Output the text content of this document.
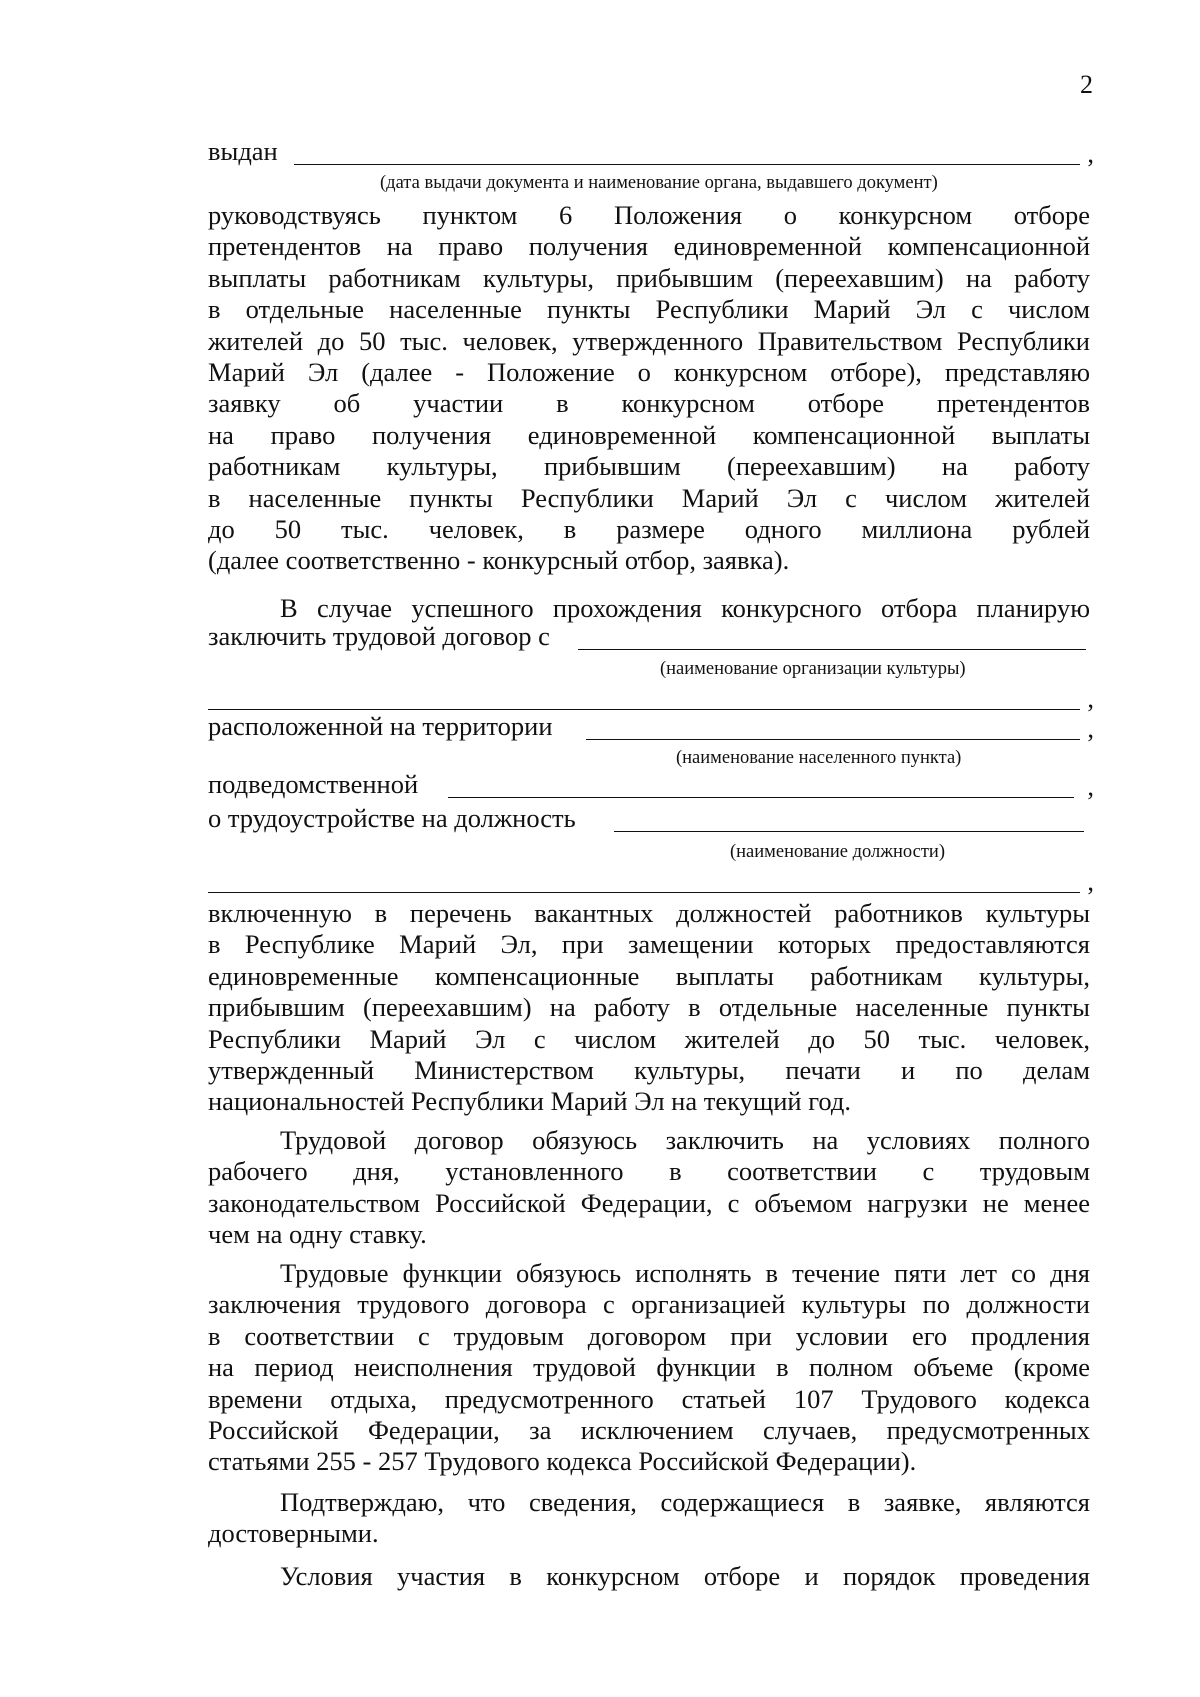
2
выдан	,
(дата выдачи документа и наименование органа, выдавшего документ)
руководствуясь пунктом 6 Положения о конкурсном отборе
претендентов на право получения единовременной компенсационной
выплаты работникам культуры, прибывшим (переехавшим) на работу
в отдельные населенные пункты Республики Марий Эл с числом
жителей до 50 тыс. человек, утвержденного Правительством Республики
Марий Эл (далее - Положение о конкурсном отборе), представляю
заявку об участии в конкурсном отборе претендентов
на право получения единовременной компенсационной выплаты
работникам культуры, прибывшим (переехавшим) на работу
в населенные пункты Республики Марий Эл с числом жителей
до 50 тыс. человек, в размере одного миллиона рублей
(далее соответственно - конкурсный отбор, заявка).
В случае успешного прохождения конкурсного отбора планирую
заключить трудовой договор с
(наименование организации культуры)
,
расположенной на территории	,
(наименование населенного пункта)
подведомственной	,
о трудоустройстве на должность
(наименование должности)
,
включенную в перечень вакантных должностей работников культуры
в Республике Марий Эл, при замещении которых предоставляются
единовременные компенсационные выплаты работникам культуры,
прибывшим (переехавшим) на работу в отдельные населенные пункты
Республики Марий Эл с числом жителей до 50 тыс. человек,
утвержденный Министерством культуры, печати и по делам
национальностей Республики Марий Эл на текущий год.
Трудовой договор обязуюсь заключить на условиях полного
рабочего дня, установленного в соответствии с трудовым
законодательством Российской Федерации, с объемом нагрузки не менее
чем на одну ставку.
Трудовые функции обязуюсь исполнять в течение пяти лет со дня
заключения трудового договора с организацией культуры по должности
в соответствии с трудовым договором при условии его продления
на период неисполнения трудовой функции в полном объеме (кроме
времени отдыха, предусмотренного статьей 107 Трудового кодекса
Российской Федерации, за исключением случаев, предусмотренных
статьями 255 - 257 Трудового кодекса Российской Федерации).
Подтверждаю, что сведения, содержащиеся в заявке, являются
достоверными.
Условия участия в конкурсном отборе и порядок проведения
